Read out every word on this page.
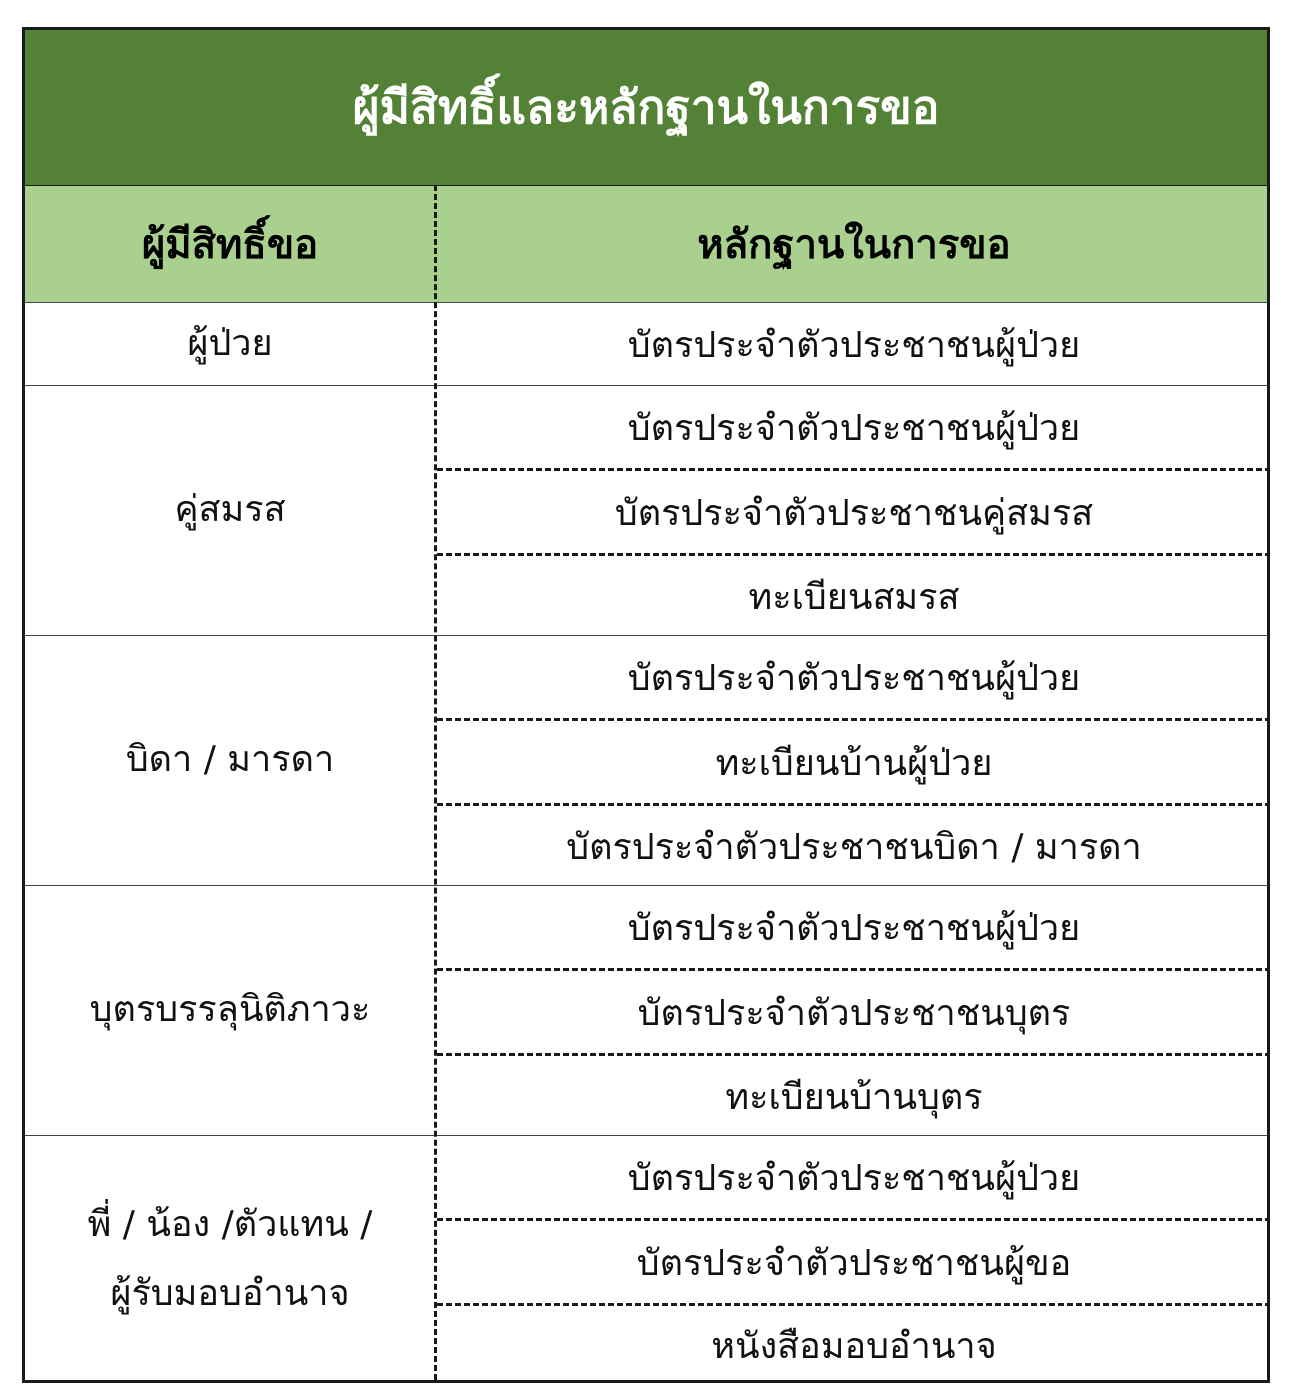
ผู้มีสิทธิ์และหลักฐานในการขอ
ผู้มีสิทธิ์ขอ	หลักฐานในการขอ
ผู้ป่วย	บัตรประจำตัวประชาชนผู้ป่วย
คู่สมรส
บัตรประจำตัวประชาชนผู้ป่วย
บัตรประจำตัวประชาชนคู่สมรส
ทะเบียนสมรส
บิดา / มารดา
บัตรประจำตัวประชาชนผู้ป่วย
ทะเบียนบ้านผู้ป่วย
บัตรประจำตัวประชาชนบิดา / มารดา
บุตรบรรลุนิติภาวะ
บัตรประจำตัวประชาชนผู้ป่วย
บัตรประจำตัวประชาชนบุตร
ทะเบียนบ้านบุตร
พี่ / น้อง /ตัวแทน /
ผู้รับมอบอำนาจ
บัตรประจำตัวประชาชนผู้ป่วย
บัตรประจำตัวประชาชนผู้ขอ
หนังสือมอบอำนาจ
